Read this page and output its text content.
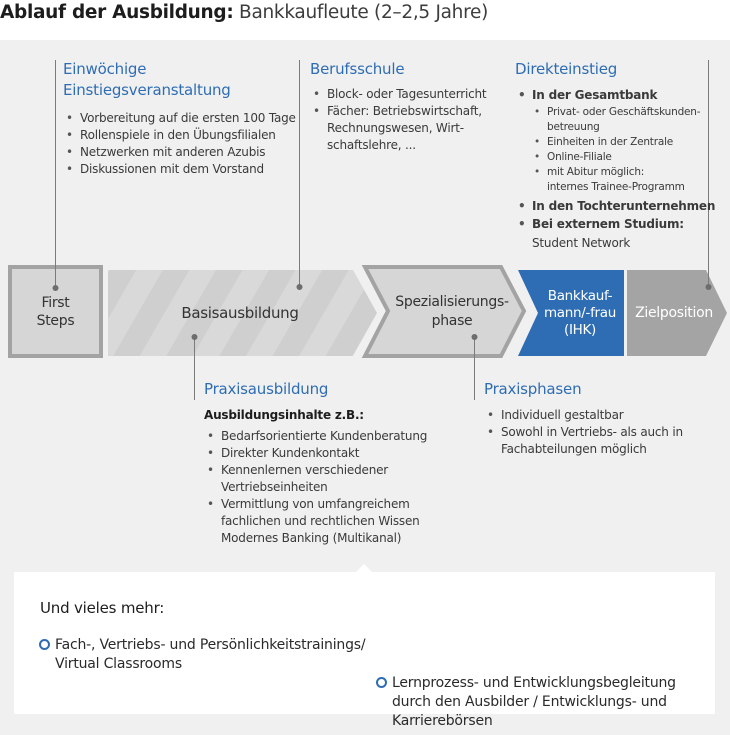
Ablauf der Ausbildung: Bankkaufleute (2–2,5 Jahre)
First
Steps	Basisausbildung
Spezialisierungs-
phase
Bankkauf-
mann/-frau
(IHK)
Zielposition
Einwöchige
Einstiegsveranstaltung
• Vorbereitung auf die ersten 100 Tage
• Rollenspiele in den Übungsfilialen
• Netzwerken mit anderen Azubis
• Diskussionen mit dem Vorstand
Berufsschule
• Block- oder Tagesunterricht
• Fächer: Betriebswirtschaft,
Rechnungswesen, Wirt-
schaftslehre, ...
Direkteinstieg
• In der Gesamtbank
• Privat- oder Geschäftskunden-
betreuung
• Einheiten in der Zentrale
• Online-Filiale
• mit Abitur möglich:
internes Trainee-Programm
• In den Tochterunternehmen
• Bei externem Studium:
Student Network
Praxisausbildung
Ausbildungsinhalte z.B.:
• Bedarfsorientierte Kundenberatung
• Direkter Kundenkontakt
• Kennenlernen verschiedener
Vertriebseinheiten
• Vermittlung von umfangreichem
fachlichen und rechtlichen Wissen
Modernes Banking (Multikanal)
Praxisphasen
• Individuell gestaltbar
• Sowohl in Vertriebs- als auch in
Fachabteilungen möglich
Und vieles mehr:
Fach-, Vertriebs- und Persönlichkeitstrainings/
Virtual Classrooms
Lernprozess- und Entwicklungsbegleitung
durch den Ausbilder / Entwicklungs- und
Karrierebörsen
